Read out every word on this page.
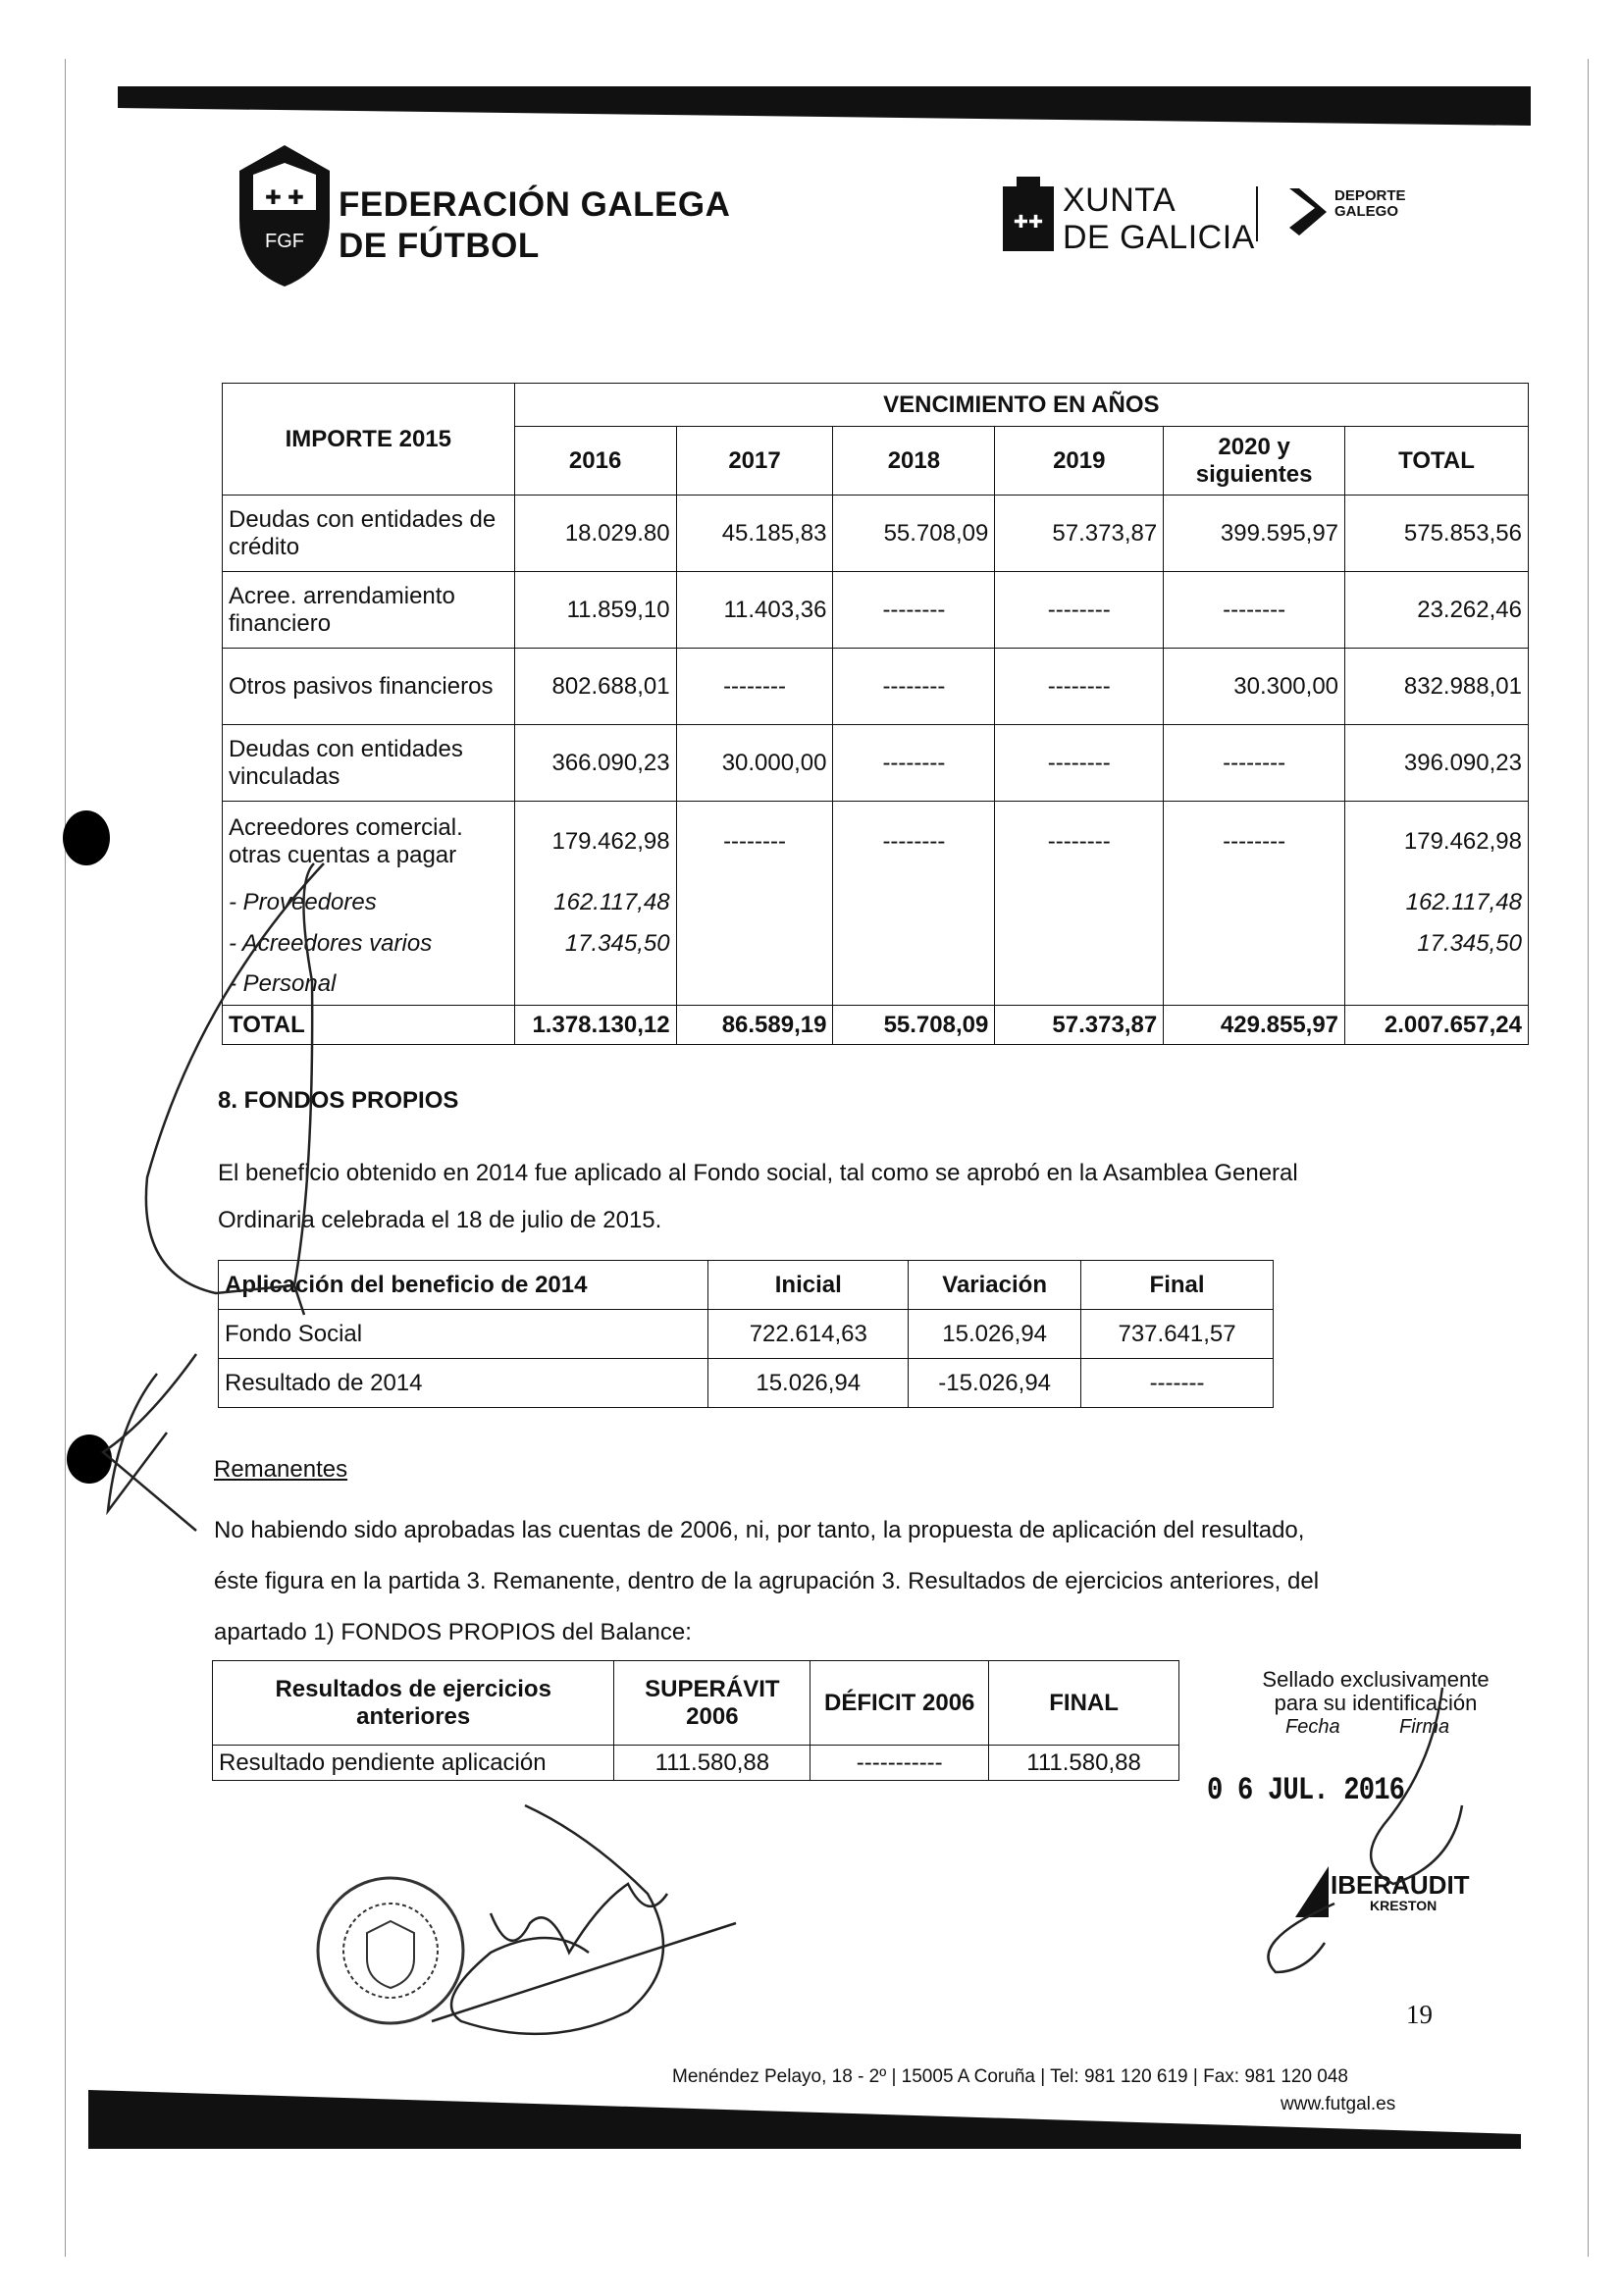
✚ ✚
FGF
FEDERACIÓN GALEGA
DE FÚTBOL
✚✚
XUNTA
DE GALICIA
DEPORTE
GALEGO
IMPORTE 2015	VENCIMIENTO EN AÑOS					
	2016	2017	2018	2019	2020 y siguientes	TOTAL
Deudas con entidades de crédito	18.029.80	45.185,83	55.708,09	57.373,87	399.595,97	575.853,56
Acree. arrendamiento financiero	11.859,10	11.403,36	--------	--------	--------	23.262,46
Otros pasivos financieros	802.688,01	--------	--------	--------	30.300,00	832.988,01
Deudas con entidades vinculadas	366.090,23	30.000,00	--------	--------	--------	396.090,23
Acreedores comercial. otras cuentas a pagar	179.462,98	--------	--------	--------	--------	179.462,98
- Proveedores	162.117,48					162.117,48
- Acreedores varios	17.345,50					17.345,50
- Personal						
TOTAL	1.378.130,12	86.589,19	55.708,09	57.373,87	429.855,97	2.007.657,24
8. FONDOS PROPIOS
El beneficio obtenido en 2014 fue aplicado al Fondo social, tal como se aprobó en la Asamblea General
Ordinaria celebrada el 18 de julio de 2015.
Aplicación del beneficio de 2014	Inicial	Variación	Final
Fondo Social	722.614,63	15.026,94	737.641,57
Resultado de 2014	15.026,94	-15.026,94	-------
Remanentes
No habiendo sido aprobadas las cuentas de 2006, ni, por tanto, la propuesta de aplicación del resultado,
éste figura en la partida 3. Remanente, dentro de la agrupación 3. Resultados de ejercicios anteriores, del
apartado 1) FONDOS PROPIOS del Balance:
Resultados de ejercicios anteriores	SUPERÁVIT 2006	DÉFICIT 2006	FINAL
Resultado pendiente aplicación	111.580,88	-----------	111.580,88
Sellado exclusivamente
para su identificación
Fecha	Firma
0 6 JUL. 2016
IBERAUDIT
KRESTON
19
Menéndez Pelayo, 18 - 2º | 15005 A Coruña | Tel: 981 120 619 | Fax: 981 120 048
www.futgal.es
